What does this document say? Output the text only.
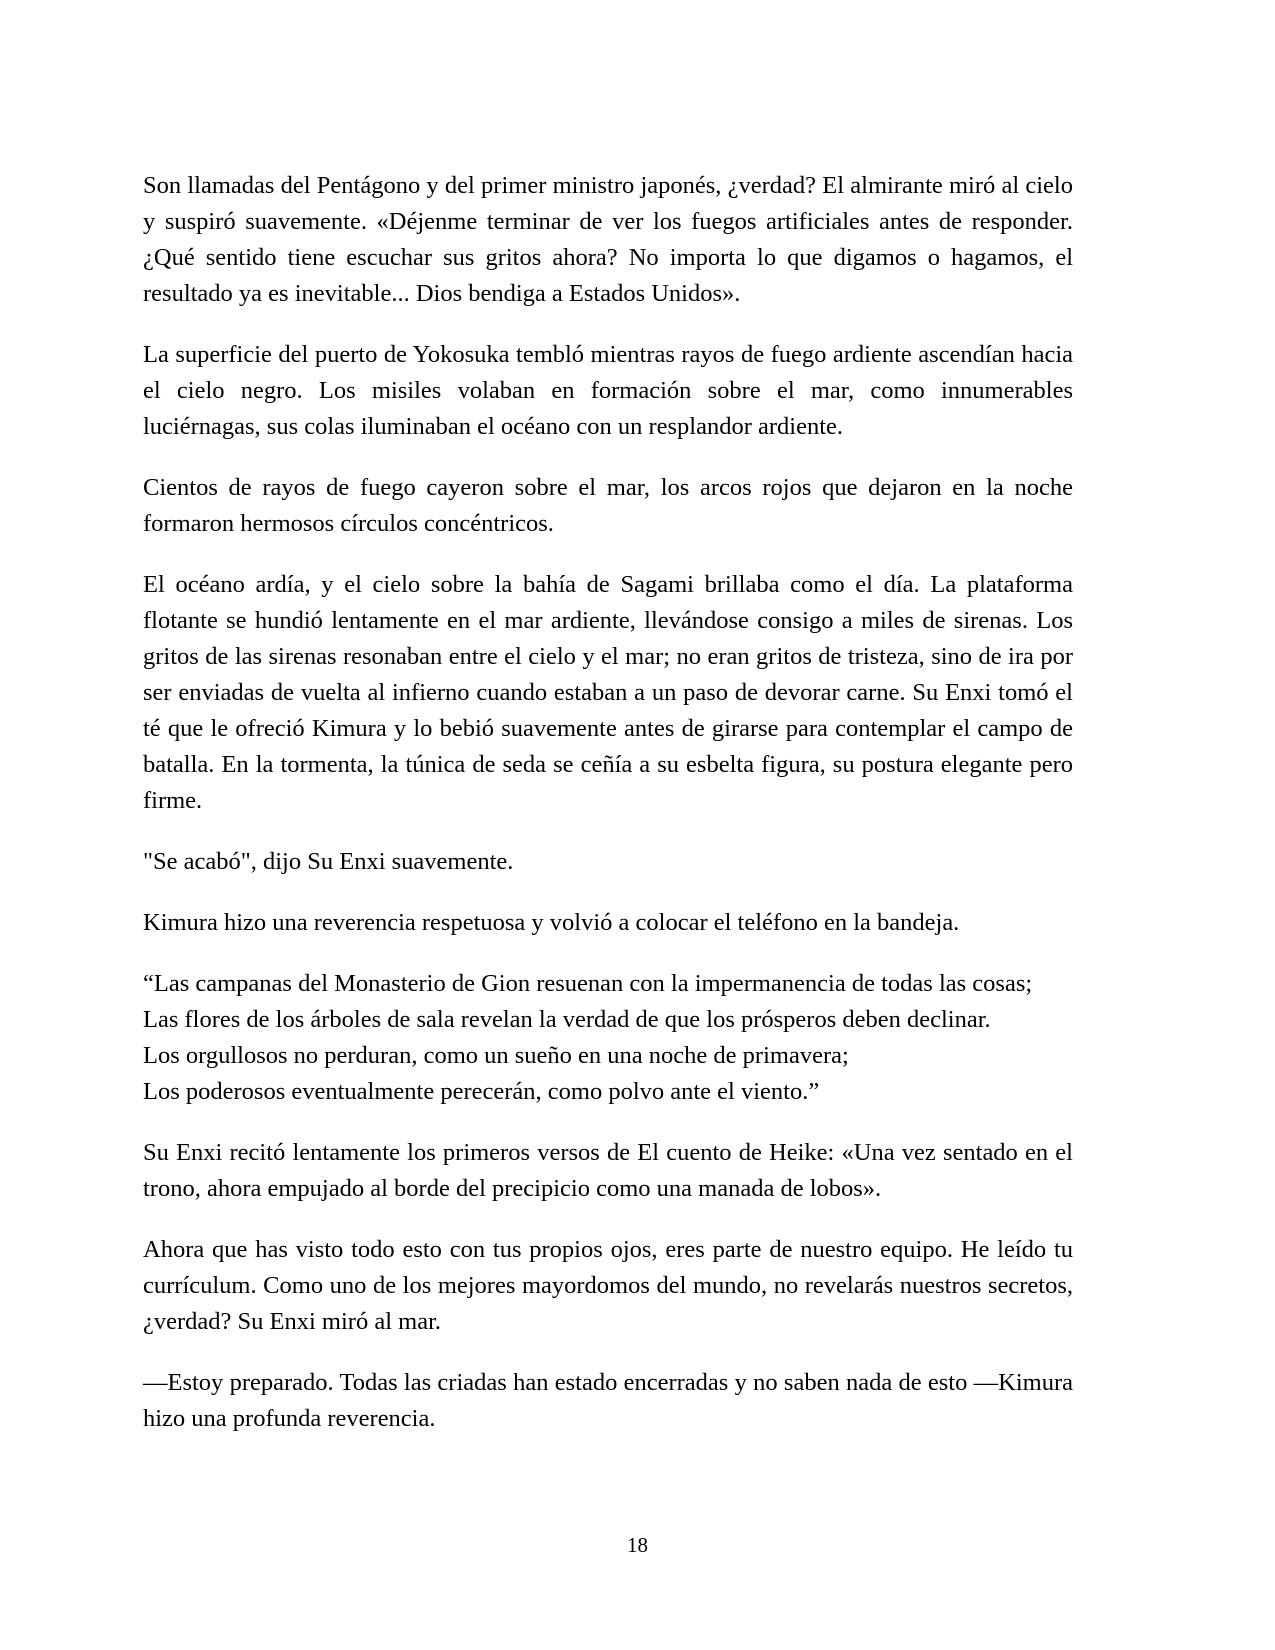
Son llamadas del Pentágono y del primer ministro japonés, ¿verdad? El almirante miró al cielo y suspiró suavemente. «Déjenme terminar de ver los fuegos artificiales antes de responder. ¿Qué sentido tiene escuchar sus gritos ahora? No importa lo que digamos o hagamos, el resultado ya es inevitable... Dios bendiga a Estados Unidos».

La superficie del puerto de Yokosuka tembló mientras rayos de fuego ardiente ascendían hacia el cielo negro. Los misiles volaban en formación sobre el mar, como innumerables luciérnagas, sus colas iluminaban el océano con un resplandor ardiente.

Cientos de rayos de fuego cayeron sobre el mar, los arcos rojos que dejaron en la noche formaron hermosos círculos concéntricos.

El océano ardía, y el cielo sobre la bahía de Sagami brillaba como el día. La plataforma flotante se hundió lentamente en el mar ardiente, llevándose consigo a miles de sirenas. Los gritos de las sirenas resonaban entre el cielo y el mar; no eran gritos de tristeza, sino de ira por ser enviadas de vuelta al infierno cuando estaban a un paso de devorar carne. Su Enxi tomó el té que le ofreció Kimura y lo bebió suavemente antes de girarse para contemplar el campo de batalla. En la tormenta, la túnica de seda se ceñía a su esbelta figura, su postura elegante pero firme.

"Se acabó", dijo Su Enxi suavemente.

Kimura hizo una reverencia respetuosa y volvió a colocar el teléfono en la bandeja.

“Las campanas del Monasterio de Gion resuenan con la impermanencia de todas las cosas;
Las flores de los árboles de sala revelan la verdad de que los prósperos deben declinar.
Los orgullosos no perduran, como un sueño en una noche de primavera;
Los poderosos eventualmente perecerán, como polvo ante el viento.”

Su Enxi recitó lentamente los primeros versos de El cuento de Heike: «Una vez sentado en el trono, ahora empujado al borde del precipicio como una manada de lobos».

Ahora que has visto todo esto con tus propios ojos, eres parte de nuestro equipo. He leído tu currículum. Como uno de los mejores mayordomos del mundo, no revelarás nuestros secretos, ¿verdad? Su Enxi miró al mar.

—Estoy preparado. Todas las criadas han estado encerradas y no saben nada de esto —Kimura hizo una profunda reverencia.

18
